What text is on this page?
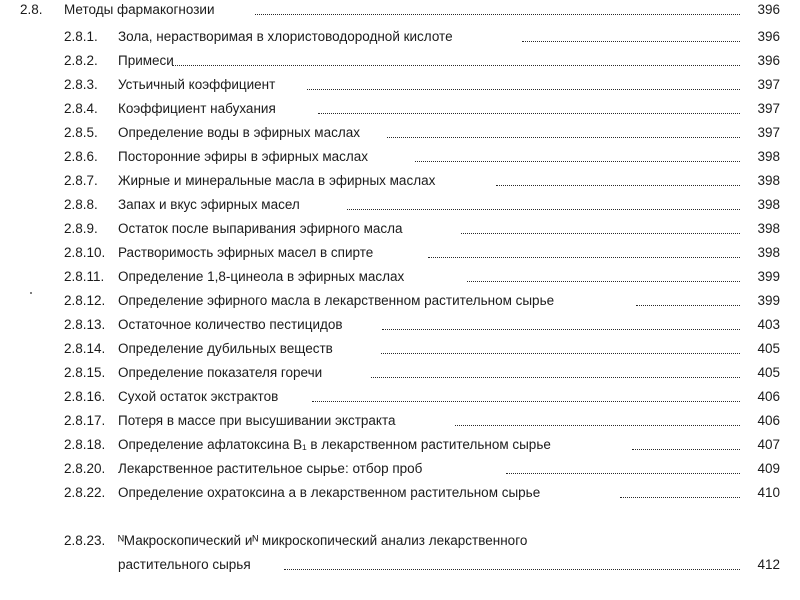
2.8. Методы фармакогнозии	396
2.8.1. Зола, нерастворимая в хлористоводородной кислоте	396
2.8.2. Примеси	396
2.8.3. Устьичный коэффициент	397
2.8.4. Коэффициент набухания	397
2.8.5. Определение воды в эфирных маслах	397
2.8.6. Посторонние эфиры в эфирных маслах	398
2.8.7. Жирные и минеральные масла в эфирных маслах	398
2.8.8. Запах и вкус эфирных масел	398
2.8.9. Остаток после выпаривания эфирного масла	398
2.8.10. Растворимость эфирных масел в спирте	398
2.8.11. Определение 1,8-цинеола в эфирных маслах	399
2.8.12. Определение эфирного масла в лекарственном растительном сырье	399
2.8.13. Остаточное количество пестицидов	403
2.8.14. Определение дубильных веществ	405
2.8.15. Определение показателя горечи	405
2.8.16. Сухой остаток экстрактов	406
2.8.17. Потеря в массе при высушивании экстракта	406
2.8.18. Определение афлатоксина B₁ в лекарственном растительном сырье	407
2.8.20. Лекарственное растительное сырье: отбор проб	409
2.8.22. Определение охратоксина а в лекарственном растительном сырье	410
2.8.23. ᴺМакроскопический иᴺ микроскопический анализ лекарственного
растительного сырья	412
